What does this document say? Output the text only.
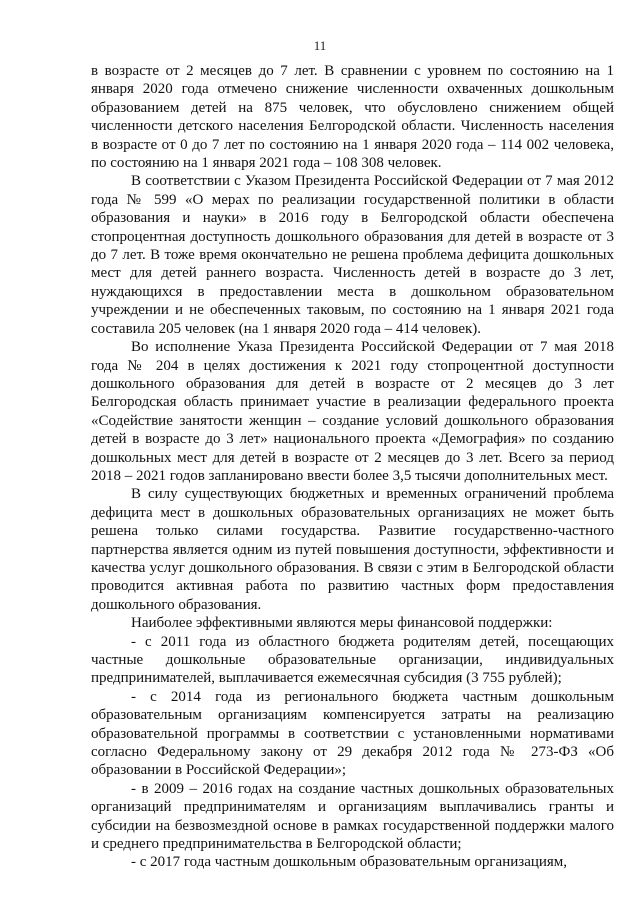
11

в возрасте от 2 месяцев до 7 лет. В сравнении с уровнем по состоянию на 1 января 2020 года отмечено снижение численности охваченных дошкольным образованием детей на 875 человек, что обусловлено снижением общей численности детского населения Белгородской области. Численность населения в возрасте от 0 до 7 лет по состоянию на 1 января 2020 года – 114 002 человека, по состоянию на 1 января 2021 года – 108 308 человек.

В соответствии с Указом Президента Российской Федерации от 7 мая 2012 года № 599 «О мерах по реализации государственной политики в области образования и науки» в 2016 году в Белгородской области обеспечена стопроцентная доступность дошкольного образования для детей в возрасте от 3 до 7 лет. В тоже время окончательно не решена проблема дефицита дошкольных мест для детей раннего возраста. Численность детей в возрасте до 3 лет, нуждающихся в предоставлении места в дошкольном образовательном учреждении и не обеспеченных таковым, по состоянию на 1 января 2021 года составила 205 человек (на 1 января 2020 года – 414 человек).

Во исполнение Указа Президента Российской Федерации от 7 мая 2018 года № 204 в целях достижения к 2021 году стопроцентной доступности дошкольного образования для детей в возрасте от 2 месяцев до 3 лет Белгородская область принимает участие в реализации федерального проекта «Содействие занятости женщин – создание условий дошкольного образования детей в возрасте до 3 лет» национального проекта «Демография» по созданию дошкольных мест для детей в возрасте от 2 месяцев до 3 лет. Всего за период 2018 – 2021 годов запланировано ввести более 3,5 тысячи дополнительных мест.

В силу существующих бюджетных и временных ограничений проблема дефицита мест в дошкольных образовательных организациях не может быть решена только силами государства. Развитие государственно-частного партнерства является одним из путей повышения доступности, эффективности и качества услуг дошкольного образования. В связи с этим в Белгородской области проводится активная работа по развитию частных форм предоставления дошкольного образования.

Наиболее эффективными являются меры финансовой поддержки:

- с 2011 года из областного бюджета родителям детей, посещающих частные дошкольные образовательные организации, индивидуальных предпринимателей, выплачивается ежемесячная субсидия (3 755 рублей);

- с 2014 года из регионального бюджета частным дошкольным образовательным организациям компенсируется затраты на реализацию образовательной программы в соответствии с установленными нормативами согласно Федеральному закону от 29 декабря 2012 года № 273-ФЗ «Об образовании в Российской Федерации»;

- в 2009 – 2016 годах на создание частных дошкольных образовательных организаций предпринимателям и организациям выплачивались гранты и субсидии на безвозмездной основе в рамках государственной поддержки малого и среднего предпринимательства в Белгородской области;

- с 2017 года частным дошкольным образовательным организациям,
